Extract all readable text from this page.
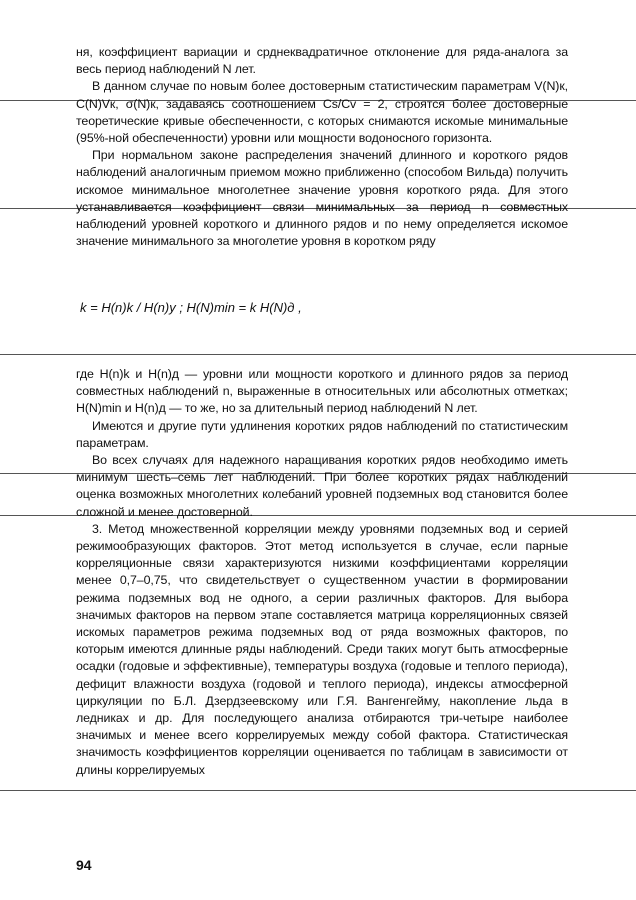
ня, коэффициент вариации и срднеквадратичное отклонение для ряда-аналога за весь период наблюдений N лет.

В данном случае по новым более достоверным статистическим параметрам V(N)к, C(N)Vк, σ(N)к, задаваясь соотношением Cs/Cv = 2, строятся более достоверные теоретические кривые обеспеченности, с которых снимаются искомые минимальные (95%-ной обеспеченности) уровни или мощности водоносного горизонта.

При нормальном законе распределения значений длинного и короткого рядов наблюдений аналогичным приемом можно приближенно (способом Вильда) получить искомое минимальное многолетнее значение уровня короткого ряда. Для этого устанавливается коэффициент связи минимальных за период n совместных наблюдений уровней короткого и длинного рядов и по нему определяется искомое значение минимального за многолетие уровня в коротком ряду

k = H(n)k / H(n)y ; H(N)min = k H(N)д ,

где H(n)k и H(n)д — уровни или мощности короткого и длинного рядов за период совместных наблюдений n, выраженные в относительных или абсолютных отметках; H(N)min и H(n)д — то же, но за длительный период наблюдений N лет.

Имеются и другие пути удлинения коротких рядов наблюдений по статистическим параметрам.

Во всех случаях для надежного наращивания коротких рядов необходимо иметь минимум шесть–семь лет наблюдений. При более коротких рядах наблюдений оценка возможных многолетних колебаний уровней подземных вод становится более сложной и менее достоверной.

3. Метод множественной корреляции между уровнями подземных вод и серией режимообразующих факторов. Этот метод используется в случае, если парные корреляционные связи характеризуются низкими коэффициентами корреляции менее 0,7–0,75, что свидетельствует о существенном участии в формировании режима подземных вод не одного, а серии различных факторов. Для выбора значимых факторов на первом этапе составляется матрица корреляционных связей искомых параметров режима подземных вод от ряда возможных факторов, по которым имеются длинные ряды наблюдений. Среди таких могут быть атмосферные осадки (годовые и эффективные), температуры воздуха (годовые и теплого периода), дефицит влажности воздуха (годовой и теплого периода), индексы атмосферной циркуляции по Б.Л. Дзердзеевскому или Г.Я. Вангенгейму, накопление льда в ледниках и др. Для последующего анализа отбираются три-четыре наиболее значимых и менее всего коррелируемых между собой фактора. Статистическая значимость коэффициентов корреляции оценивается по таблицам в зависимости от длины коррелируемых

94
